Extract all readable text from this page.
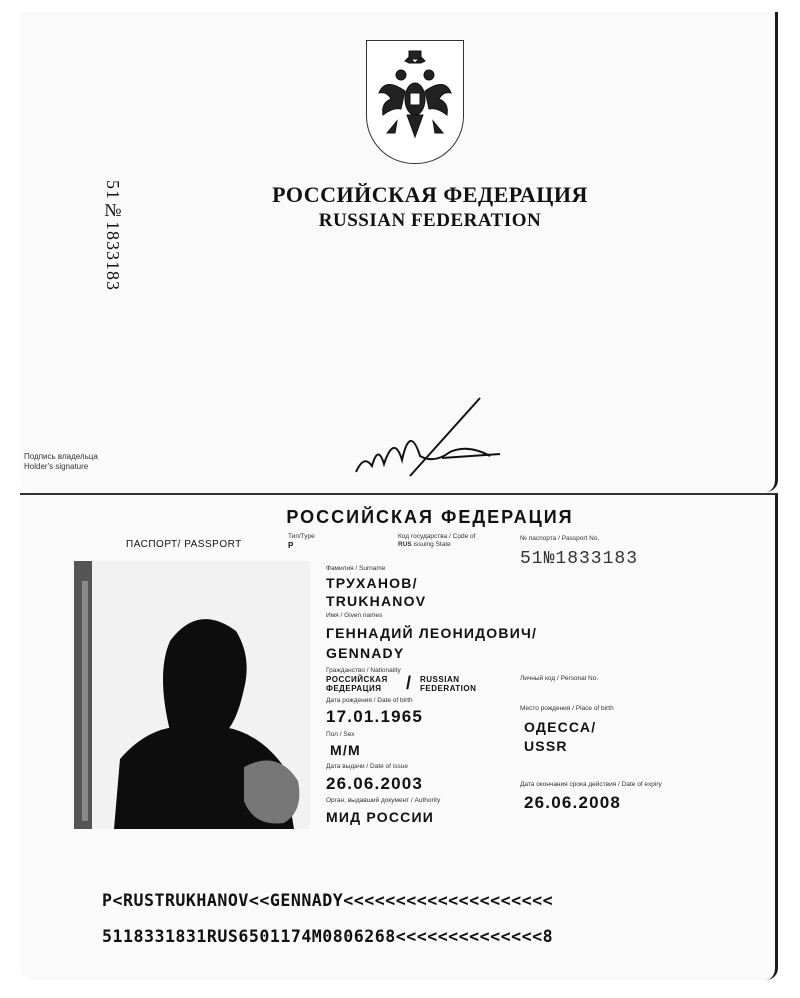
РОССИЙСКАЯ ФЕДЕРАЦИЯ
RUSSIAN FEDERATION
51№1833183
Подпись владельца
Holder's signature
РОССИЙСКАЯ ФЕДЕРАЦИЯ
ПАСПОРТ/ PASSPORT
Тип/Type
P
Код государства / Code of
RUS issuing State
№ паспорта / Passport No.
51№1833183
Фамилия / Surname
ТРУХАНОВ/
TRUKHANOV
Имя / Given names
ГЕННАДИЙ ЛЕОНИДОВИЧ/
GENNADY
Гражданство / Nationality
РОССИЙСКАЯ
ФЕДЕРАЦИЯ / RUSSIAN
FEDERATION
Личный код / Personal No.
Дата рождения / Date of birth
17.01.1965	Место рождения / Place of birth
ОДЕССА/
USSR
Пол / Sex
М/М
Дата выдачи / Date of issue
26.06.2003	Дата окончания срока действия / Date of expiry
26.06.2008
Орган, выдавший документ / Authority
МИД РОССИИ
P<RUSTRUKHANOV<<GENNADY<<<<<<<<<<<<<<<<<<<<
5118331831RUS6501174M0806268<<<<<<<<<<<<<<8
